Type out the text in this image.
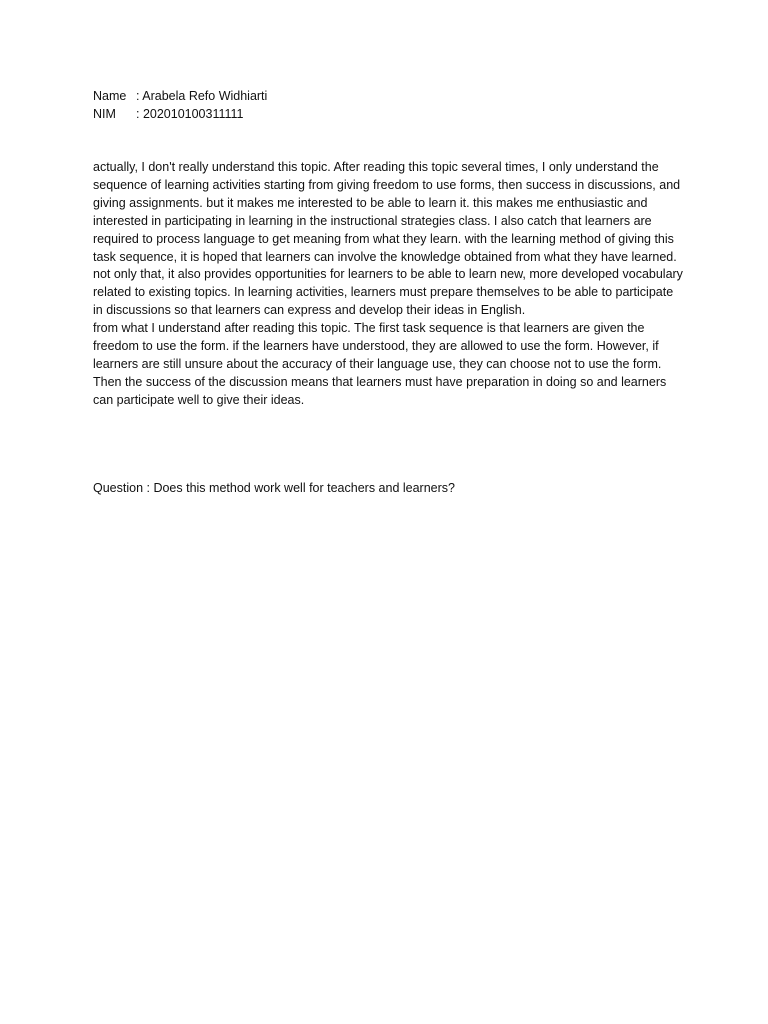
Name : Arabela Refo Widhiarti
NIM	: 202010100311111

actually, I don't really understand this topic. After reading this topic several times, I only understand the sequence of learning activities starting from giving freedom to use forms, then success in discussions, and giving assignments. but it makes me interested to be able to learn it. this makes me enthusiastic and interested in participating in learning in the instructional strategies class. I also catch that learners are required to process language to get meaning from what they learn. with the learning method of giving this task sequence, it is hoped that learners can involve the knowledge obtained from what they have learned. not only that, it also provides opportunities for learners to be able to learn new, more developed vocabulary related to existing topics. In learning activities, learners must prepare themselves to be able to participate in discussions so that learners can express and develop their ideas in English.

from what I understand after reading this topic. The first task sequence is that learners are given the freedom to use the form. if the learners have understood, they are allowed to use the form. However, if learners are still unsure about the accuracy of their language use, they can choose not to use the form. Then the success of the discussion means that learners must have preparation in doing so and learners can participate well to give their ideas.

Question : Does this method work well for teachers and learners?
